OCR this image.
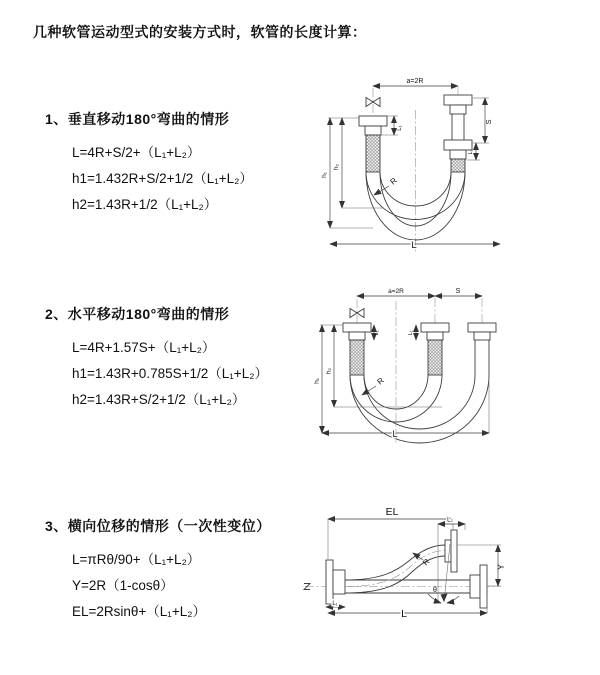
几种软管运动型式的安装方式时，软管的长度计算：
1、垂直移动180°弯曲的情形
L=4R+S/2+（L₁+L₂）
h1=1.432R+S/2+1/2（L₁+L₂）
h2=1.43R+1/2（L₁+L₂）
2、水平移动180°弯曲的情形
L=4R+1.57S+（L₁+L₂）
h1=1.43R+0.785S+1/2（L₁+L₂）
h2=1.43R+S/2+1/2（L₁+L₂）
3、横向位移的情形（一次性变位）
L=πRθ/90+（L₁+L₂）
Y=2R（1-cosθ）
EL=2Rsinθ+（L₁+L₂）
a=2R
L₁
S
L₁
R
h₁
h₂
L
a=2R	S
L₁	L₁
R
h₁
h₂
L
EL
L₂
Y
R
θ
L₁
L
